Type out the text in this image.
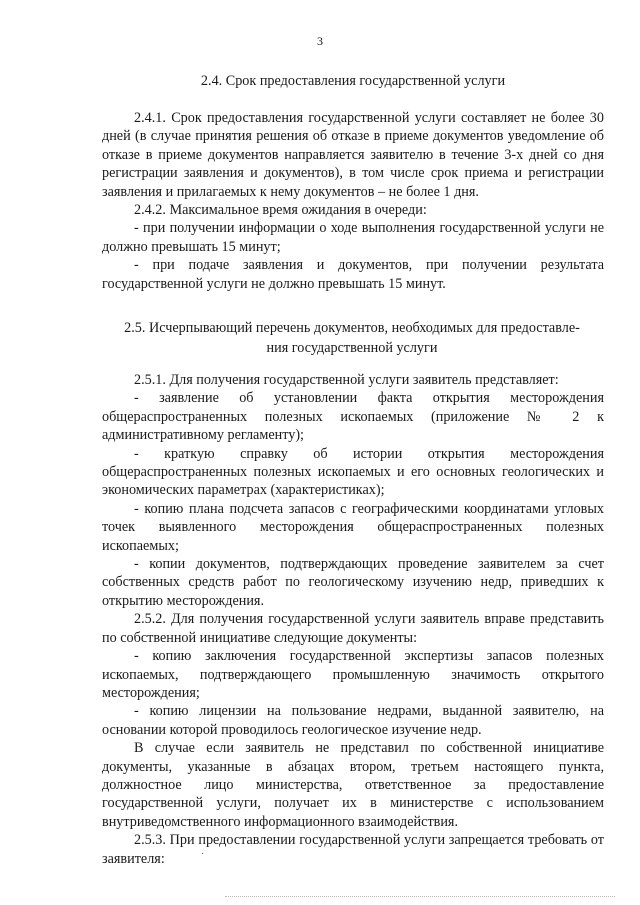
3
2.4. Срок предоставления государственной услуги

2.4.1. Срок предоставления государственной услуги составляет не более 30 дней (в случае принятия решения об отказе в приеме документов уведомление об отказе в приеме документов направляется заявителю в течение 3-х дней со дня регистрации заявления и документов), в том числе срок приема и регистрации заявления и прилагаемых к нему документов – не более 1 дня.

2.4.2. Максимальное время ожидания в очереди:

- при получении информации о ходе выполнения государственной услуги не должно превышать 15 минут;

- при подаче заявления и документов, при получении результата государственной услуги не должно превышать 15 минут.

2.5. Исчерпывающий перечень документов, необходимых для предоставле-
ния государственной услуги

2.5.1. Для получения государственной услуги заявитель представляет:

- заявление об установлении факта открытия месторождения общераспространенных полезных ископаемых (приложение № 2 к административному регламенту);

- краткую справку об истории открытия месторождения общераспространенных полезных ископаемых и его основных геологических и экономических параметрах (характеристиках);

- копию плана подсчета запасов с географическими координатами угловых точек выявленного месторождения общераспространенных полезных ископаемых;

- копии документов, подтверждающих проведение заявителем за счет собственных средств работ по геологическому изучению недр, приведших к открытию месторождения.

2.5.2. Для получения государственной услуги заявитель вправе представить по собственной инициативе следующие документы:

- копию заключения государственной экспертизы запасов полезных ископаемых, подтверждающего промышленную значимость открытого месторождения;

- копию лицензии на пользование недрами, выданной заявителю, на основании которой проводилось геологическое изучение недр.

В случае если заявитель не представил по собственной инициативе документы, указанные в абзацах втором, третьем настоящего пункта, должностное лицо министерства, ответственное за предоставление государственной услуги, получает их в министерстве с использованием внутриведомственного информационного взаимодействия.

2.5.3. При предоставлении государственной услуги запрещается требовать от заявителя:	·
